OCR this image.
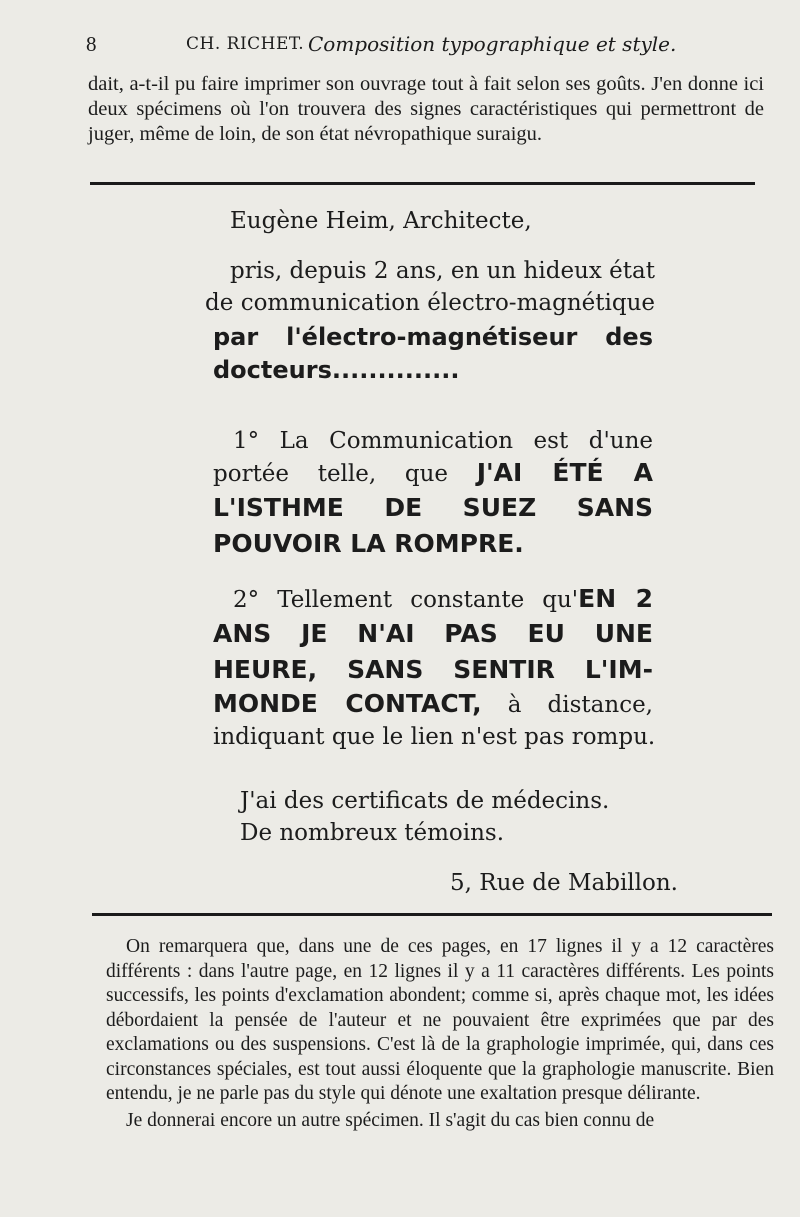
8	CH. RICHET. Composition typographique et style.

dait, a-t-il pu faire imprimer son ouvrage tout à fait selon ses goûts. J'en donne ici deux spécimens où l'on trouvera des signes caractéristiques qui permettront de juger, même de loin, de son état névropathique suraigu.

Eugène Heim, Architecte,
pris, depuis 2 ans, en un hideux état
de communication électro-magnétique
par l'électro-magnétiseur des
docteurs..............
1° La Communication est d'une
portée telle, que J'AI ÉTÉ A
L'ISTHME DE SUEZ SANS
POUVOIR LA ROMPRE.
2° Tellement constante qu'EN 2
ANS JE N'AI PAS EU UNE
HEURE, SANS SENTIR L'IM-
MONDE CONTACT, à distance,
indiquant que le lien n'est pas rompu.
J'ai des certificats de médecins.
De nombreux témoins.
5, Rue de Mabillon.

On remarquera que, dans une de ces pages, en 17 lignes il y a 12 caractères différents : dans l'autre page, en 12 lignes il y a 11 caractères différents. Les points successifs, les points d'exclamation abondent; comme si, après chaque mot, les idées débordaient la pensée de l'auteur et ne pouvaient être exprimées que par des exclamations ou des suspensions. C'est là de la graphologie imprimée, qui, dans ces circonstances spéciales, est tout aussi éloquente que la graphologie manuscrite. Bien entendu, je ne parle pas du style qui dénote une exaltation presque délirante.

Je donnerai encore un autre spécimen. Il s'agit du cas bien connu de
